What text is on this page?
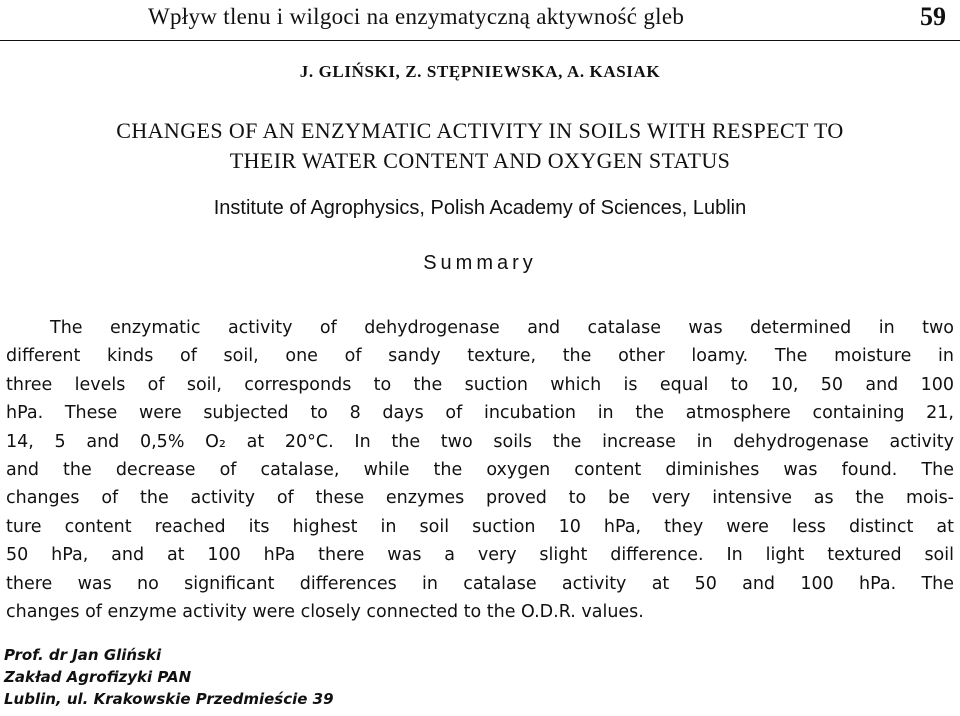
Wpływ tlenu i wilgoci na enzymatyczną aktywność gleb	59
J. GLIŃSKI, Z. STĘPNIEWSKA, A. KASIAK
CHANGES OF AN ENZYMATIC ACTIVITY IN SOILS WITH RESPECT TO
THEIR WATER CONTENT AND OXYGEN STATUS
Institute of Agrophysics, Polish Academy of Sciences, Lublin
Summary
The enzymatic activity of dehydrogenase and catalase was determined in two
different kinds of soil, one of sandy texture, the other loamy. The moisture in
three levels of soil, corresponds to the suction which is equal to 10, 50 and 100
hPa. These were subjected to 8 days of incubation in the atmosphere containing 21,
14, 5 and 0,5% O₂ at 20°C. In the two soils the increase in dehydrogenase activity
and the decrease of catalase, while the oxygen content diminishes was found. The
changes of the activity of these enzymes proved to be very intensive as the mois-
ture content reached its highest in soil suction 10 hPa, they were less distinct at
50 hPa, and at 100 hPa there was a very slight difference. In light textured soil
there was no significant differences in catalase activity at 50 and 100 hPa. The
changes of enzyme activity were closely connected to the O.D.R. values.
Prof. dr Jan Gliński
Zakład Agrofizyki PAN
Lublin, ul. Krakowskie Przedmieście 39
